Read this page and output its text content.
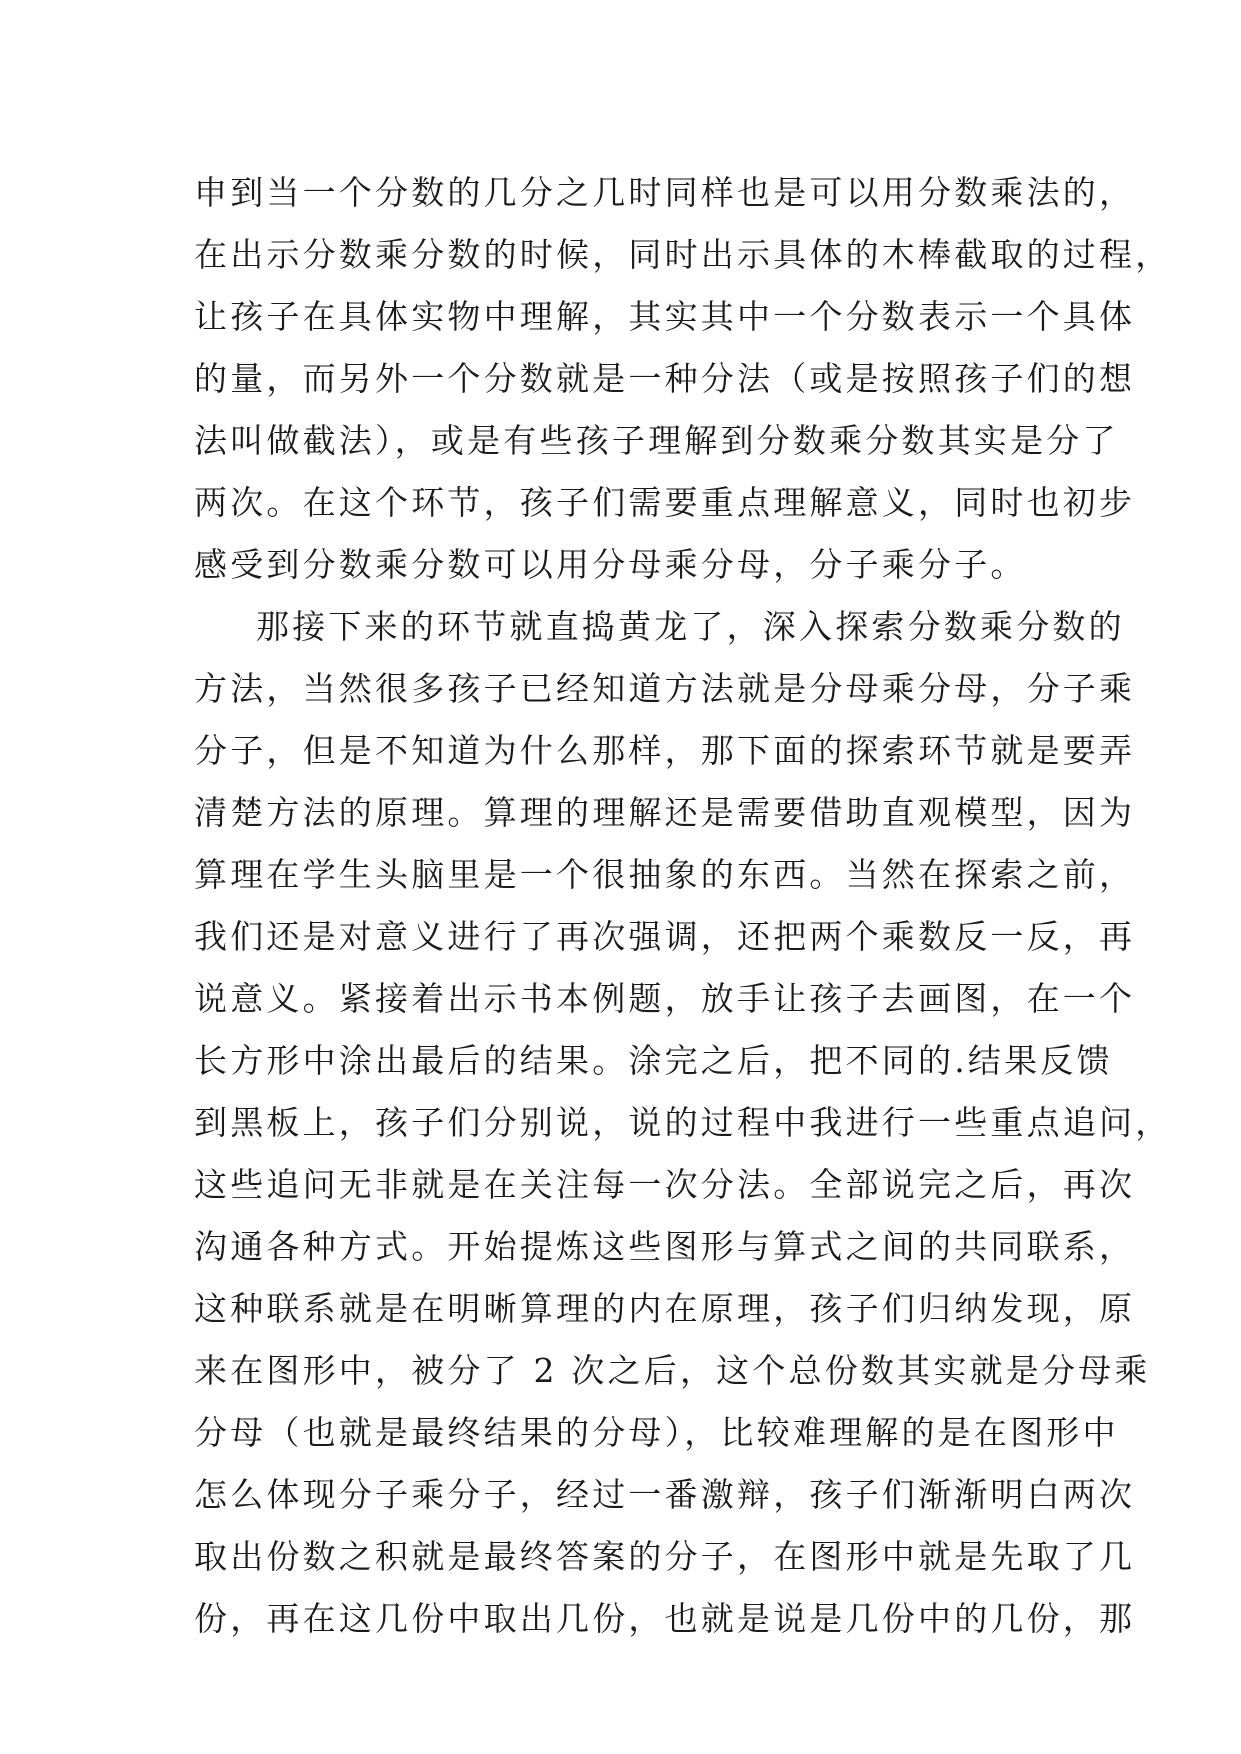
申到当一个分数的几分之几时同样也是可以用分数乘法的，
在出示分数乘分数的时候，同时出示具体的木棒截取的过程，
让孩子在具体实物中理解，其实其中一个分数表示一个具体
的量，而另外一个分数就是一种分法（或是按照孩子们的想
法叫做截法），或是有些孩子理解到分数乘分数其实是分了
两次。在这个环节，孩子们需要重点理解意义，同时也初步
感受到分数乘分数可以用分母乘分母，分子乘分子。
那接下来的环节就直捣黄龙了，深入探索分数乘分数的
方法，当然很多孩子已经知道方法就是分母乘分母，分子乘
分子，但是不知道为什么那样，那下面的探索环节就是要弄
清楚方法的原理。算理的理解还是需要借助直观模型，因为
算理在学生头脑里是一个很抽象的东西。当然在探索之前，
我们还是对意义进行了再次强调，还把两个乘数反一反，再
说意义。紧接着出示书本例题，放手让孩子去画图，在一个
长方形中涂出最后的结果。涂完之后，把不同的.结果反馈
到黑板上，孩子们分别说，说的过程中我进行一些重点追问，
这些追问无非就是在关注每一次分法。全部说完之后，再次
沟通各种方式。开始提炼这些图形与算式之间的共同联系，
这种联系就是在明晰算理的内在原理，孩子们归纳发现，原
来在图形中，被分了 2 次之后，这个总份数其实就是分母乘
分母（也就是最终结果的分母），比较难理解的是在图形中
怎么体现分子乘分子，经过一番激辩，孩子们渐渐明白两次
取出份数之积就是最终答案的分子，在图形中就是先取了几
份，再在这几份中取出几份，也就是说是几份中的几份，那
